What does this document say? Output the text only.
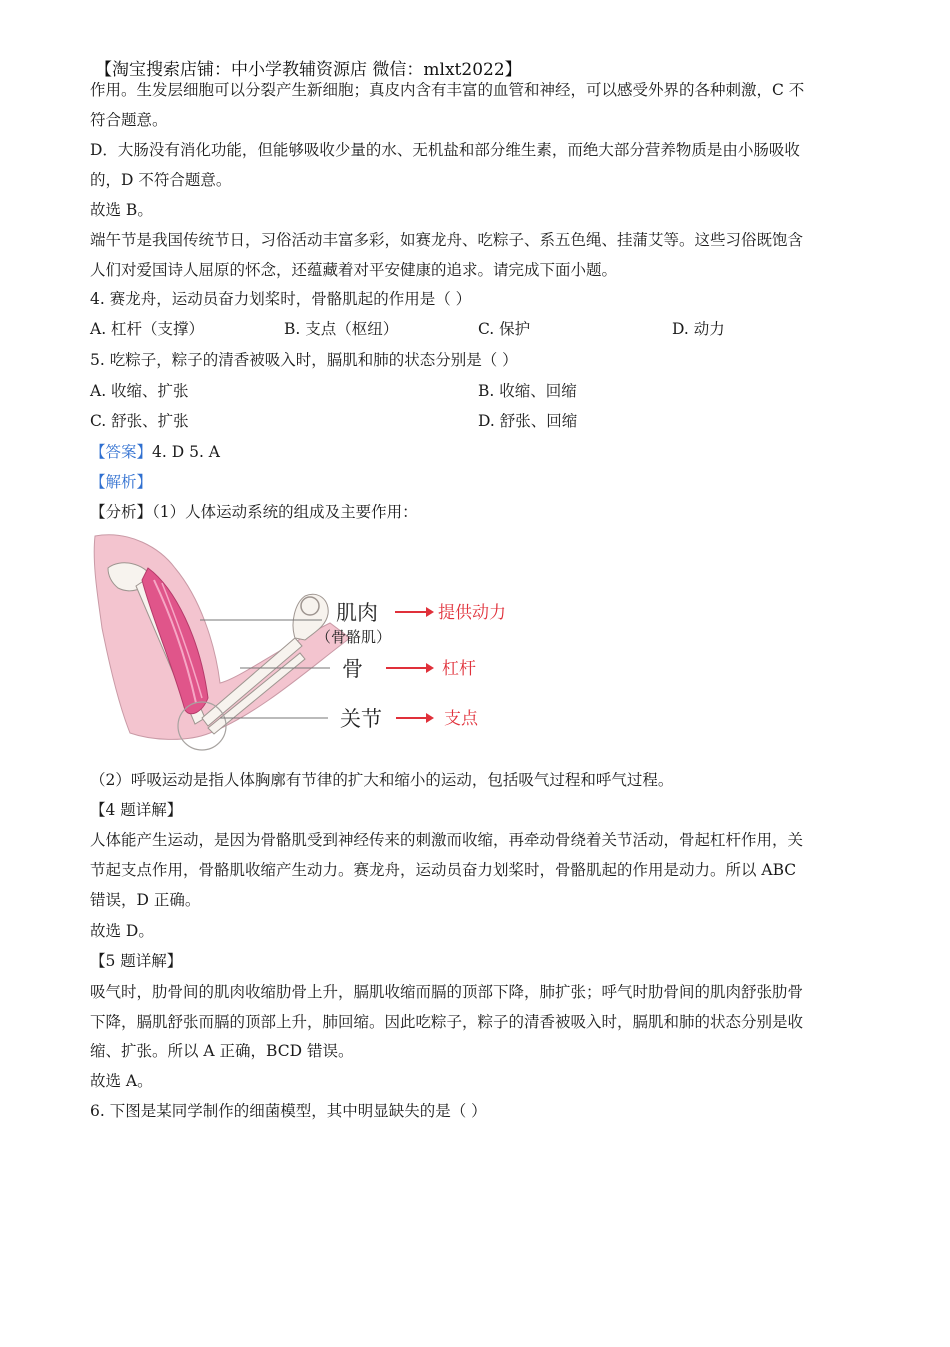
【淘宝搜索店铺：中小学教辅资源店 微信：mlxt2022】
作用。生发层细胞可以分裂产生新细胞；真皮内含有丰富的血管和神经，可以感受外界的各种刺激，C 不
符合题意。
D．大肠没有消化功能，但能够吸收少量的水、无机盐和部分维生素，而绝大部分营养物质是由小肠吸收
的，D 不符合题意。
故选 B。
端午节是我国传统节日，习俗活动丰富多彩，如赛龙舟、吃粽子、系五色绳、挂蒲艾等。这些习俗既饱含
人们对爱国诗人屈原的怀念，还蕴藏着对平安健康的追求。请完成下面小题。
4. 赛龙舟，运动员奋力划桨时，骨骼肌起的作用是（ ）
A. 杠杆（支撑）	B. 支点（枢纽）	C. 保护	D. 动力
5. 吃粽子，粽子的清香被吸入时，膈肌和肺的状态分别是（ ）
A. 收缩、扩张	B. 收缩、回缩
C. 舒张、扩张	D. 舒张、回缩
【答案】4. D 5. A
【解析】
【分析】（1）人体运动系统的组成及主要作用：
肌肉
（骨骼肌）
骨
关节
提供动力
杠杆
支点
（2）呼吸运动是指人体胸廓有节律的扩大和缩小的运动，包括吸气过程和呼气过程。
【4 题详解】
人体能产生运动，是因为骨骼肌受到神经传来的刺激而收缩，再牵动骨绕着关节活动，骨起杠杆作用，关
节起支点作用，骨骼肌收缩产生动力。赛龙舟，运动员奋力划桨时，骨骼肌起的作用是动力。所以 ABC
错误，D 正确。
故选 D。
【5 题详解】
吸气时，肋骨间的肌肉收缩肋骨上升，膈肌收缩而膈的顶部下降，肺扩张；呼气时肋骨间的肌肉舒张肋骨
下降，膈肌舒张而膈的顶部上升，肺回缩。因此吃粽子，粽子的清香被吸入时，膈肌和肺的状态分别是收
缩、扩张。所以 A 正确，BCD 错误。
故选 A。
6. 下图是某同学制作的细菌模型，其中明显缺失的是（ ）
